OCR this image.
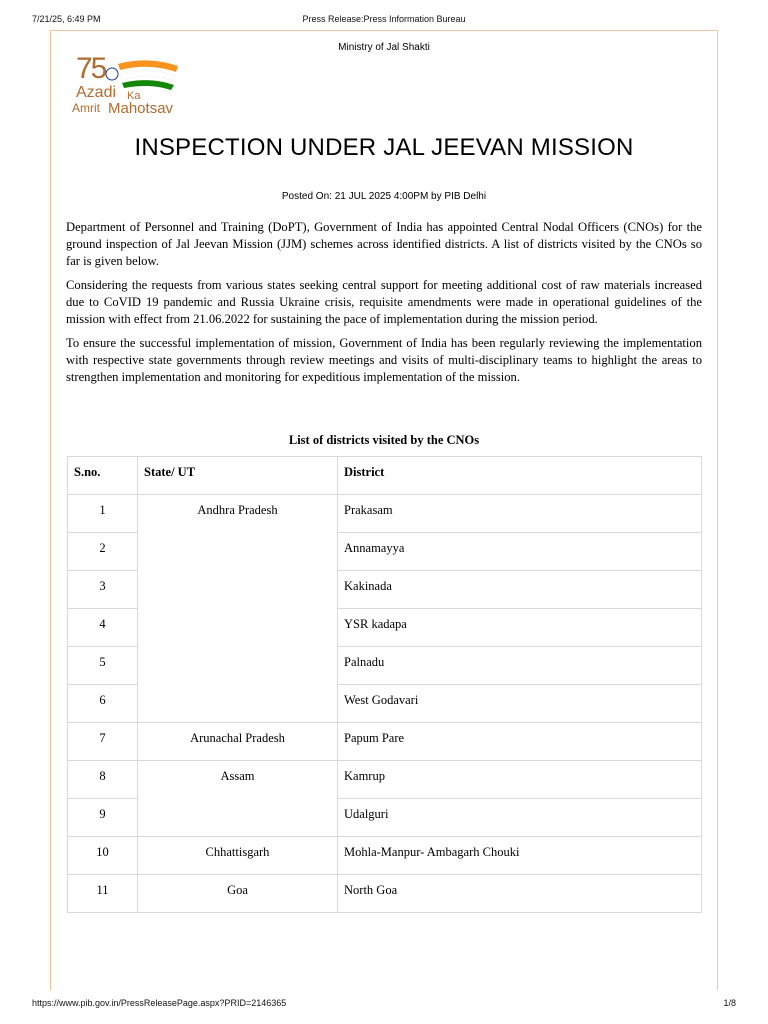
7/21/25, 6:49 PM	Press Release:Press Information Bureau
Ministry of Jal Shakti
75
Azadi Ka
Amrit Mahotsav
INSPECTION UNDER JAL JEEVAN MISSION
Posted On: 21 JUL 2025 4:00PM by PIB Delhi

Department of Personnel and Training (DoPT), Government of India has appointed Central Nodal Officers (CNOs) for the ground inspection of Jal Jeevan Mission (JJM) schemes across identified districts. A list of districts visited by the CNOs so far is given below.

Considering the requests from various states seeking central support for meeting additional cost of raw materials increased due to CoVID 19 pandemic and Russia Ukraine crisis, requisite amendments were made in operational guidelines of the mission with effect from 21.06.2022 for sustaining the pace of implementation during the mission period.

To ensure the successful implementation of mission, Government of India has been regularly reviewing the implementation with respective state governments through review meetings and visits of multi-disciplinary teams to highlight the areas to strengthen implementation and monitoring for expeditious implementation of the mission.

List of districts visited by the CNOs
S.no.	State/ UT	District
1	Andhra Pradesh	Prakasam
2		Annamayya
3		Kakinada
4		YSR kadapa
5		Palnadu
6		West Godavari
7	Arunachal Pradesh	Papum Pare
8	Assam	Kamrup
9		Udalguri
10	Chhattisgarh	Mohla-Manpur- Ambagarh Chouki
11	Goa	North Goa
https://www.pib.gov.in/PressReleasePage.aspx?PRID=2146365	1/8
